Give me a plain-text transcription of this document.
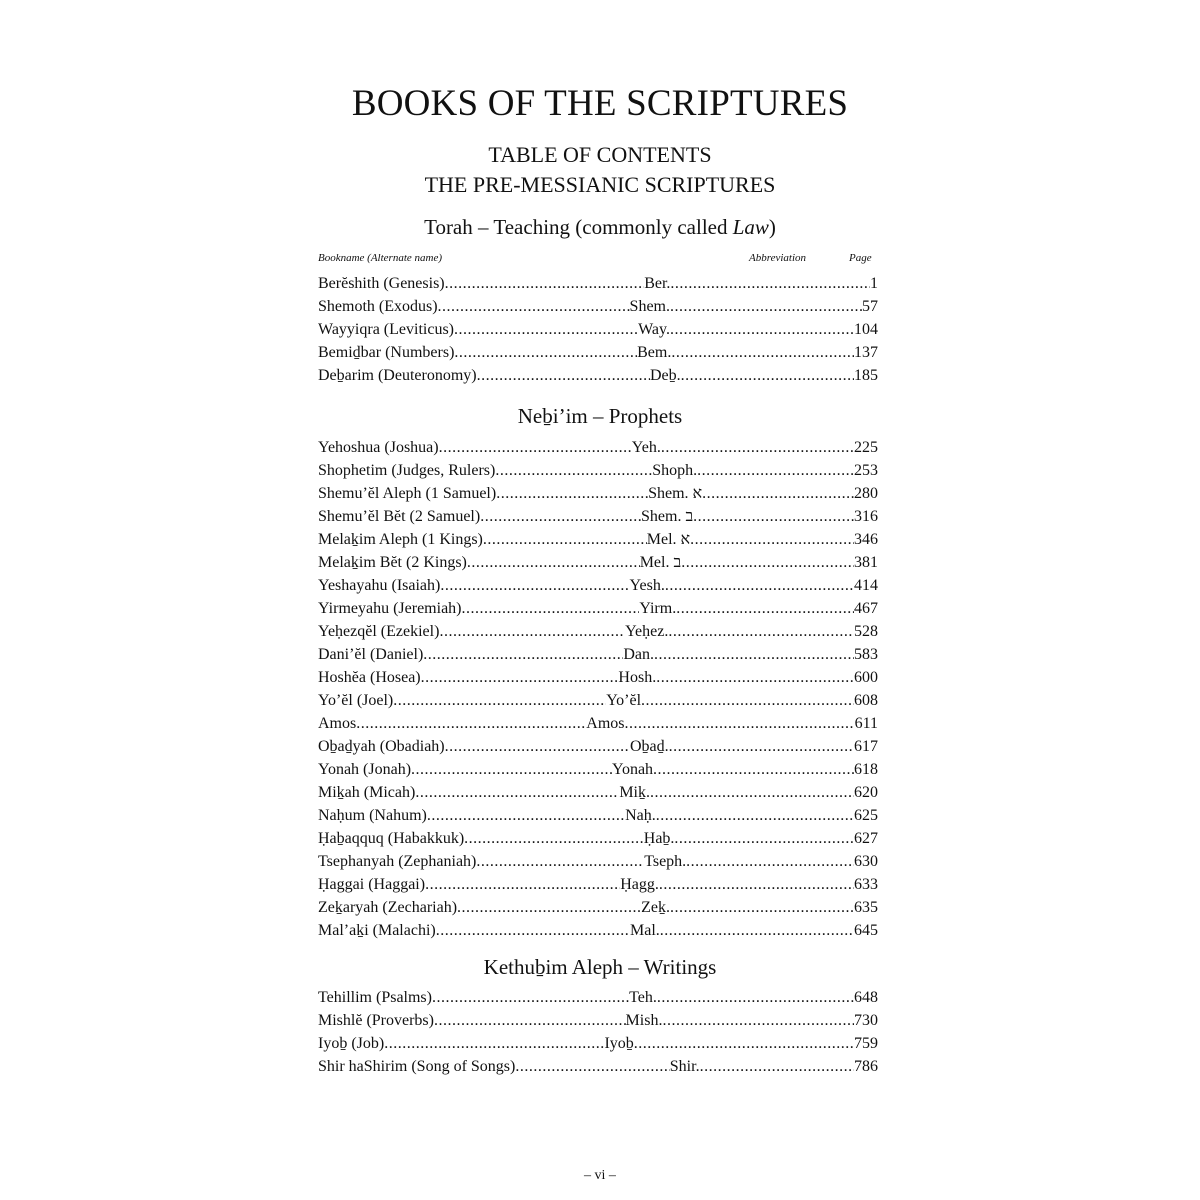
BOOKS OF THE SCRIPTURES
TABLE OF CONTENTS
THE PRE-MESSIANIC SCRIPTURES
Torah – Teaching (commonly called Law)
Bookname (Alternate name)	Abbreviation	Page
Berĕshith (Genesis) .....	Ber. .....	1
Shemoth (Exodus) .....	Shem. .....	57
Wayyiqra (Leviticus) .....	Way. .....	104
Bemiḏbar (Numbers) .....	Bem. .....	137
Deḇarim (Deuteronomy) .....	Deḇ. .....	185
Neḇi’im – Prophets
Yehoshua (Joshua) .....	Yeh. .....	225
Shophetim (Judges, Rulers) .....	Shoph. .....	253
Shemu’ĕl Aleph (1 Samuel) .....	Shem. א .....	280
Shemu’ĕl Bĕt (2 Samuel) .....	Shem. ב .....	316
Melaḵim Aleph (1 Kings) .....	Mel. א .....	346
Melaḵim Bĕt (2 Kings) .....	Mel. ב .....	381
Yeshayahu (Isaiah) .....	Yesh. .....	414
Yirmeyahu (Jeremiah) .....	Yirm. .....	467
Yeḥezqĕl (Ezekiel) .....	Yeḥez. .....	528
Dani’ĕl (Daniel) .....	Dan. .....	583
Hoshĕa (Hosea) .....	Hosh. .....	600
Yo’ĕl (Joel) .....	Yo’ĕl .....	608
Amos .....	Amos .....	611
Oḇaḏyah (Obadiah) .....	Oḇaḏ. .....	617
Yonah (Jonah) .....	Yonah .....	618
Miḵah (Micah) .....	Miḵ. .....	620
Naḥum (Nahum) .....	Naḥ. .....	625
Ḥaḇaqquq (Habakkuk) .....	Ḥaḇ. .....	627
Tsephanyah (Zephaniah) .....	Tseph. .....	630
Ḥaggai (Haggai) .....	Ḥagg. .....	633
Zeḵaryah (Zechariah) .....	Zeḵ. .....	635
Mal’aḵi (Malachi) .....	Mal. .....	645
Kethuḇim Aleph – Writings
Tehillim (Psalms) .....	Teh. .....	648
Mishlĕ (Proverbs) .....	Mish. .....	730
Iyoḇ (Job) .....	Iyoḇ .....	759
Shir haShirim (Song of Songs) .....	Shir. .....	786
– vi –
